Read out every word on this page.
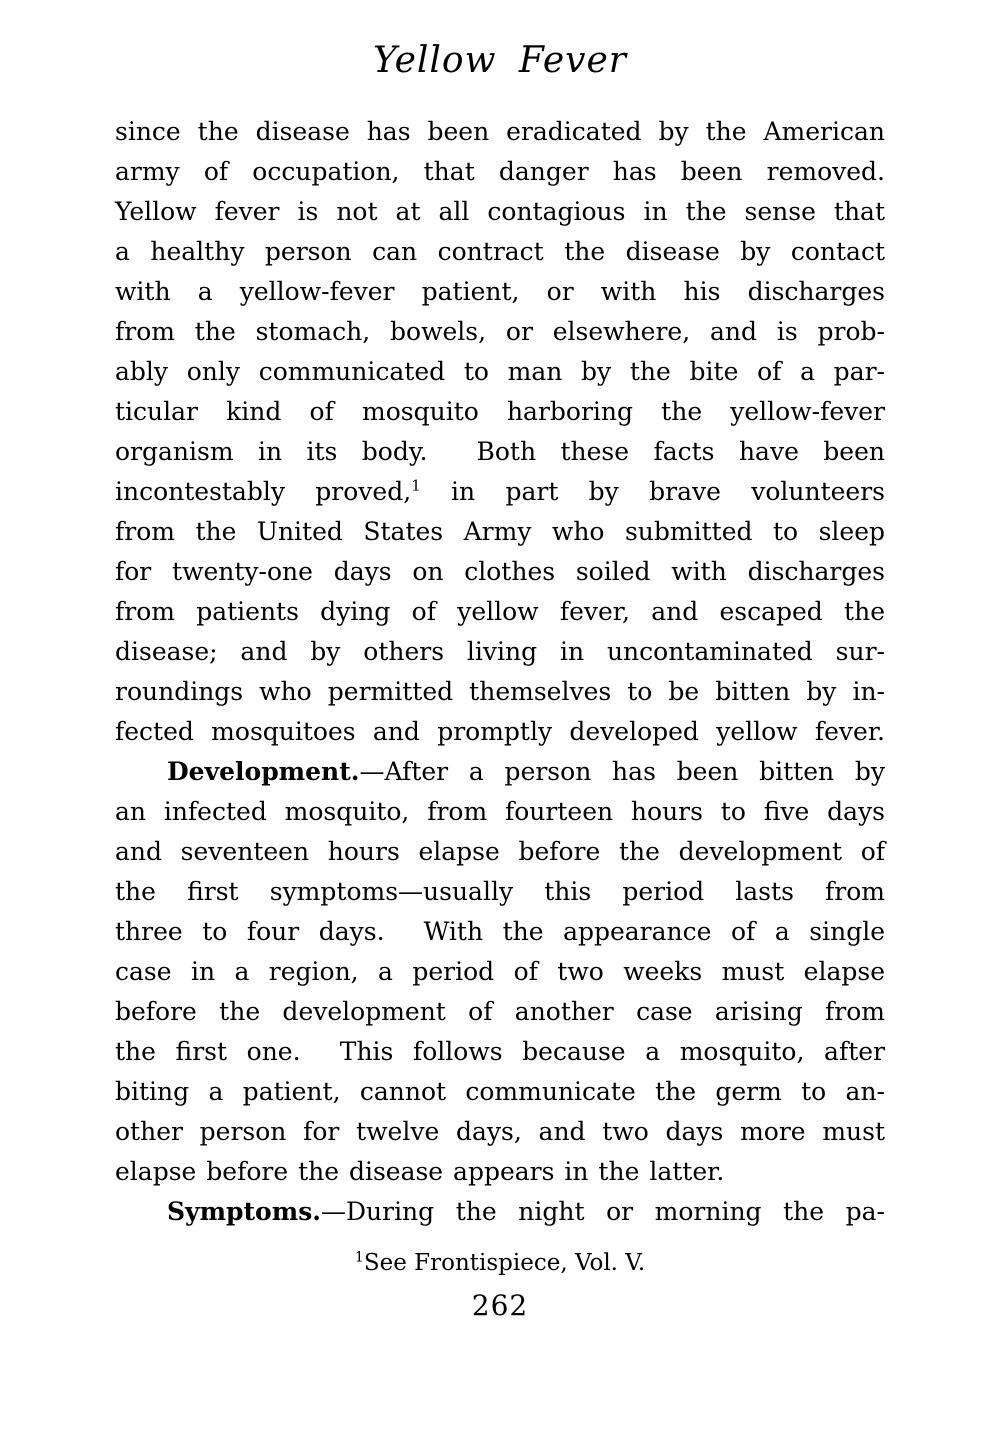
Yellow Fever
since the disease has been eradicated by the American
army of occupation, that danger has been removed.
Yellow fever is not at all contagious in the sense that
a healthy person can contract the disease by contact
with a yellow-fever patient, or with his discharges
from the stomach, bowels, or elsewhere, and is prob-
ably only communicated to man by the bite of a par-
ticular kind of mosquito harboring the yellow-fever
organism in its body.  Both these facts have been
incontestably proved,$^1$ in part by brave volunteers
from the United States Army who submitted to sleep
for twenty-one days on clothes soiled with discharges
from patients dying of yellow fever, and escaped the
disease; and by others living in uncontaminated sur-
roundings who permitted themselves to be bitten by in-
fected mosquitoes and promptly developed yellow fever.
Development.—After a person has been bitten by
an infected mosquito, from fourteen hours to five days
and seventeen hours elapse before the development of
the first symptoms—usually this period lasts from
three to four days.  With the appearance of a single
case in a region, a period of two weeks must elapse
before the development of another case arising from
the first one.  This follows because a mosquito, after
biting a patient, cannot communicate the germ to an-
other person for twelve days, and two days more must
elapse before the disease appears in the latter.
Symptoms.—During the night or morning the pa-
$^1$See Frontispiece, Vol. V.
262
